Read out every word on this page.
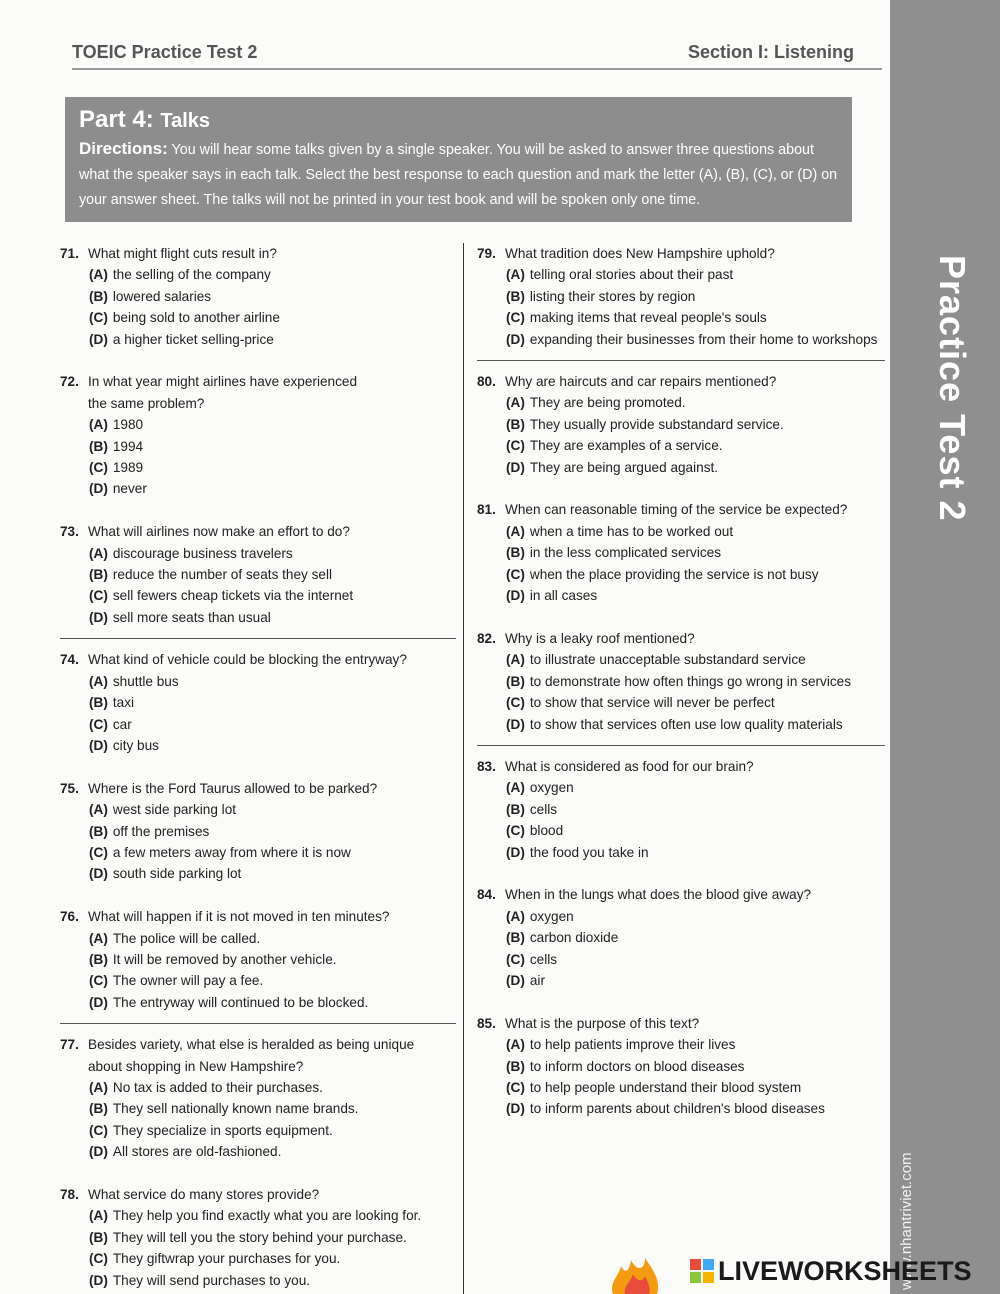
TOEIC Practice Test 2	Section I: Listening
Practice Test 2
www.nhantriviet.com
Part 4: Talks
Directions: You will hear some talks given by a single speaker. You will be asked to answer three questions about what the speaker says in each talk. Select the best response to each question and mark the letter (A), (B), (C), or (D) on your answer sheet. The talks will not be printed in your test book and will be spoken only one time.
71. What might flight cuts result in?
(A) the selling of the company
(B) lowered salaries
(C) being sold to another airline
(D) a higher ticket selling-price
72. In what year might airlines have experienced
the same problem?
(A) 1980
(B) 1994
(C) 1989
(D) never
73. What will airlines now make an effort to do?
(A) discourage business travelers
(B) reduce the number of seats they sell
(C) sell fewers cheap tickets via the internet
(D) sell more seats than usual
74. What kind of vehicle could be blocking the entryway?
(A) shuttle bus
(B) taxi
(C) car
(D) city bus
75. Where is the Ford Taurus allowed to be parked?
(A) west side parking lot
(B) off the premises
(C) a few meters away from where it is now
(D) south side parking lot
76. What will happen if it is not moved in ten minutes?
(A) The police will be called.
(B) It will be removed by another vehicle.
(C) The owner will pay a fee.
(D) The entryway will continued to be blocked.
77. Besides variety, what else is heralded as being unique
about shopping in New Hampshire?
(A) No tax is added to their purchases.
(B) They sell nationally known name brands.
(C) They specialize in sports equipment.
(D) All stores are old-fashioned.
78. What service do many stores provide?
(A) They help you find exactly what you are looking for.
(B) They will tell you the story behind your purchase.
(C) They giftwrap your purchases for you.
(D) They will send purchases to you.
79. What tradition does New Hampshire uphold?
(A) telling oral stories about their past
(B) listing their stores by region
(C) making items that reveal people's souls
(D) expanding their businesses from their home to workshops
80. Why are haircuts and car repairs mentioned?
(A) They are being promoted.
(B) They usually provide substandard service.
(C) They are examples of a service.
(D) They are being argued against.
81. When can reasonable timing of the service be expected?
(A) when a time has to be worked out
(B) in the less complicated services
(C) when the place providing the service is not busy
(D) in all cases
82. Why is a leaky roof mentioned?
(A) to illustrate unacceptable substandard service
(B) to demonstrate how often things go wrong in services
(C) to show that service will never be perfect
(D) to show that services often use low quality materials
83. What is considered as food for our brain?
(A) oxygen
(B) cells
(C) blood
(D) the food you take in
84. When in the lungs what does the blood give away?
(A) oxygen
(B) carbon dioxide
(C) cells
(D) air
85. What is the purpose of this text?
(A) to help patients improve their lives
(B) to inform doctors on blood diseases
(C) to help people understand their blood system
(D) to inform parents about children's blood diseases
LIVEWORKSHEETS
